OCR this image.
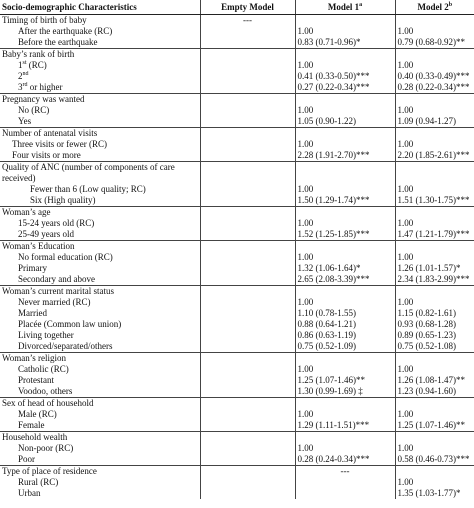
Socio-demographic Characteristics	Empty Model	Model 1$^a$	Model 2$^b$
Timing of birth of baby	---		
After the earthquake (RC)		1.00	1.00
Before the earthquake		0.83 (0.71-0.96)*	0.79 (0.68-0.92)**
Baby’s rank of birth			
1st (RC)		1.00	1.00
2nd		0.41 (0.33-0.50)***	0.40 (0.33-0.49)***
3rd or higher		0.27 (0.22-0.34)***	0.28 (0.22-0.34)***
Pregnancy was wanted			
No (RC)		1.00	1.00
Yes		1.05 (0.90-1.22)	1.09 (0.94-1.27)
Number of antenatal visits			
Three visits or fewer (RC)		1.00	1.00
Four visits or more		2.28 (1.91-2.70)***	2.20 (1.85-2.61)***
Quality of ANC (number of components of care received)			
Fewer than 6 (Low quality; RC)		1.00	1.00
Six (High quality)		1.50 (1.29-1.74)***	1.51 (1.30-1.75)***
Woman’s age			
15-24 years old (RC)		1.00	1.00
25-49 years old		1.52 (1.25-1.85)***	1.47 (1.21-1.79)***
Woman’s Education			
No formal education (RC)		1.00	1.00
Primary		1.32 (1.06-1.64)*	1.26 (1.01-1.57)*
Secondary and above		2.65 (2.08-3.39)***	2.34 (1.83-2.99)***
Woman’s current marital status			
Never married (RC)		1.00	1.00
Married		1.10 (0.78-1.55)	1.15 (0.82-1.61)
Placée (Common law union)		0.88 (0.64-1.21)	0.93 (0.68-1.28)
Living together		0.86 (0.63-1.19)	0.89 (0.65-1.23)
Divorced/separated/others		0.75 (0.52-1.09)	0.75 (0.52-1.08)
Woman’s religion			
Catholic (RC)		1.00	1.00
Protestant		1.25 (1.07-1.46)**	1.26 (1.08-1.47)**
Voodoo, others		1.30 (0.99-1.69) ‡	1.23 (0.94-1.60)
Sex of head of household			
Male (RC)		1.00	1.00
Female		1.29 (1.11-1.51)***	1.25 (1.07-1.46)**
Household wealth			
Non-poor (RC)		1.00	1.00
Poor		0.28 (0.24-0.34)***	0.58 (0.46-0.73)***
Type of place of residence		---	
Rural (RC)			1.00
Urban			1.35 (1.03-1.77)*
